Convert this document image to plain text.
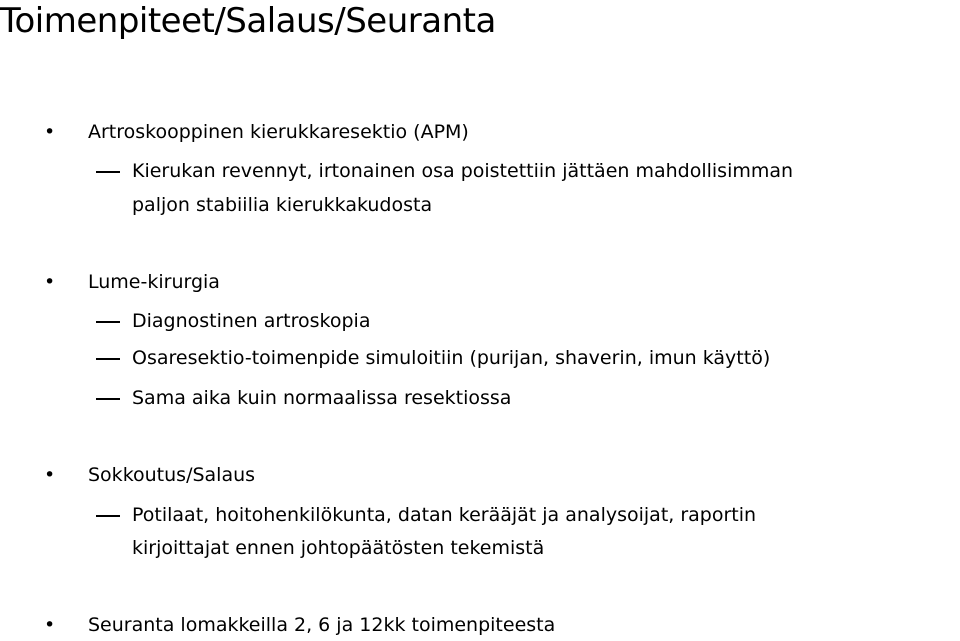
Toimenpiteet/Salaus/Seuranta
•	Artroskooppinen kierukkaresektio (APM)
Kierukan revennyt, irtonainen osa poistettiin jättäen mahdollisimman
paljon stabiilia kierukkakudosta
•	Lume-kirurgia
Diagnostinen artroskopia
Osaresektio-toimenpide simuloitiin (purijan, shaverin, imun käyttö)
Sama aika kuin normaalissa resektiossa
•	Sokkoutus/Salaus
Potilaat, hoitohenkilökunta, datan kerääjät ja analysoijat, raportin
kirjoittajat ennen johtopäätösten tekemistä
•	Seuranta lomakkeilla 2, 6 ja 12kk toimenpiteesta
